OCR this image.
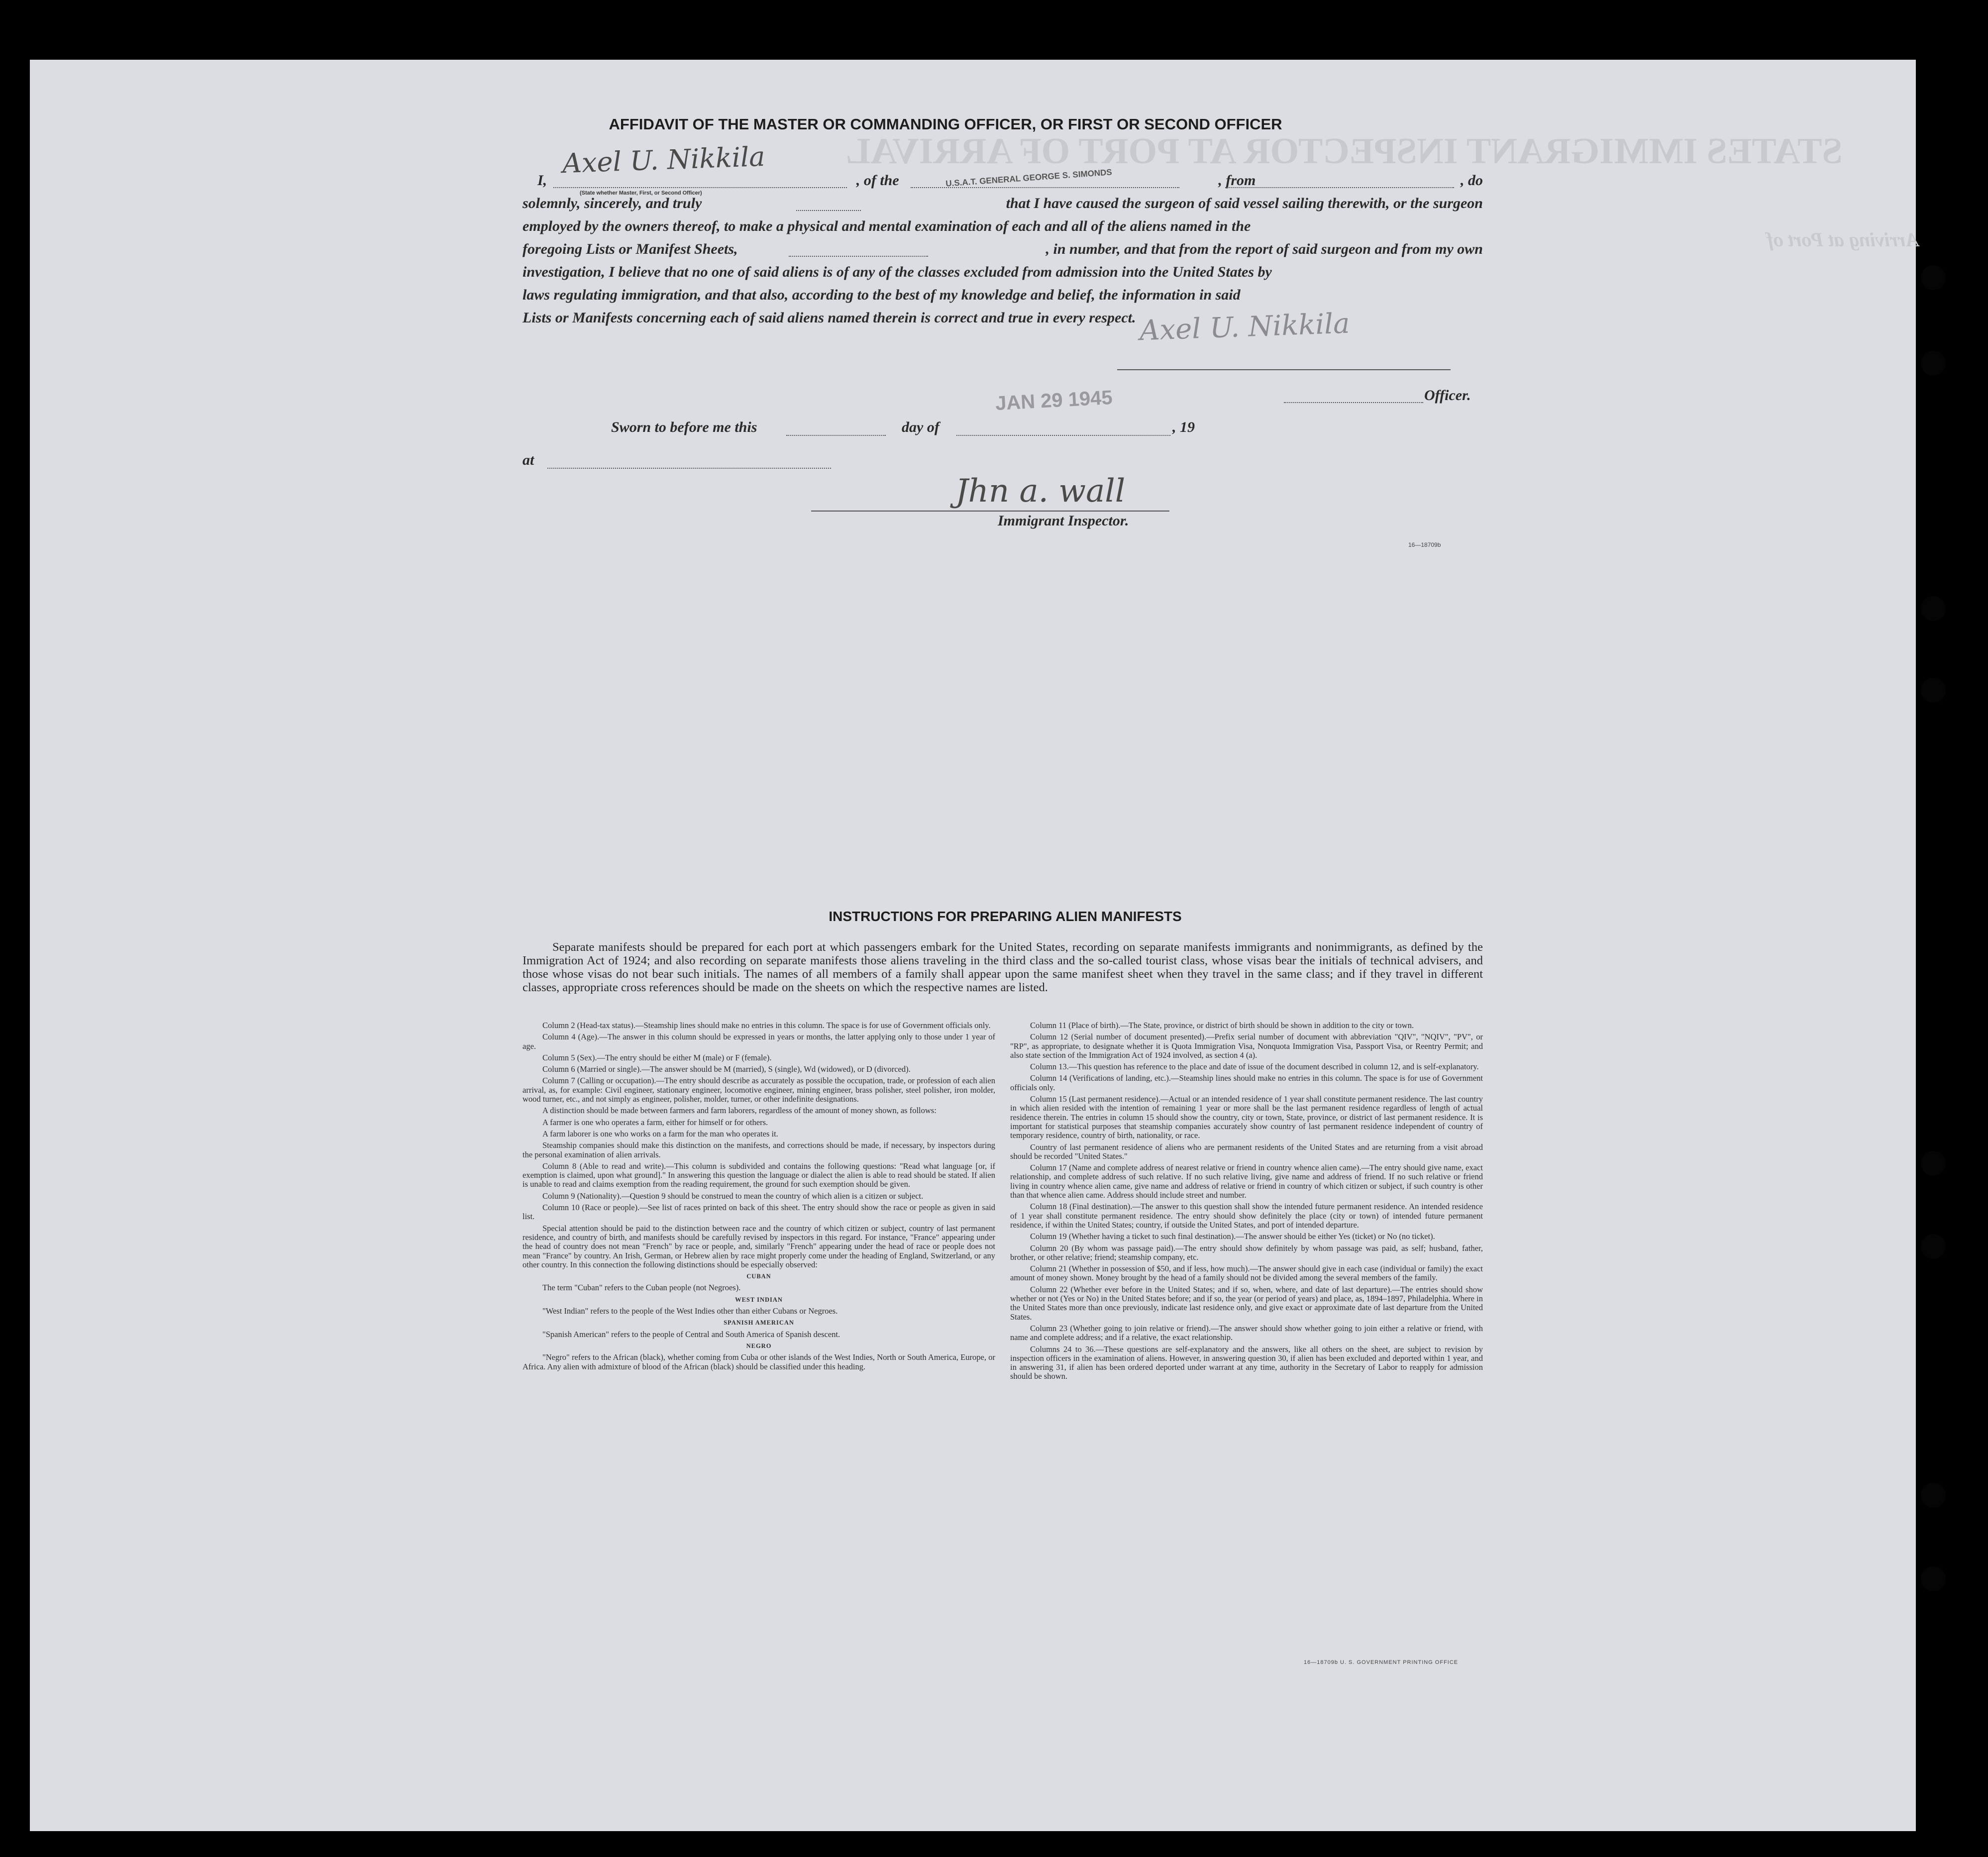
STATES IMMIGRANT INSPECTOR AT PORT OF ARRIVAL
Arriving at Port of
AFFIDAVIT OF THE MASTER OR COMMANDING OFFICER, OR FIRST OR SECOND OFFICER
I,	, of the	, from	, do
solemnly, sincerely, and truly	that I have caused the surgeon of said vessel sailing therewith, or the surgeon
employed by the owners thereof, to make a physical and mental examination of each and all of the aliens named in the
foregoing Lists or Manifest Sheets,	, in number, and that from the report of said surgeon and from my own
investigation, I believe that no one of said aliens is of any of the classes excluded from admission into the United States by
laws regulating immigration, and that also, according to the best of my knowledge and belief, the information in said
Lists or Manifests concerning each of said aliens named therein is correct and true in every respect.
(State whether Master, First, or Second Officer)
Axel U. Nikkila	U.S.A.T. GENERAL GEORGE S. SIMONDS
Axel U. Nikkila
Officer.
Sworn to before me this	day of	, 19
JAN 29 1945
at
Jhn a. wall
Immigrant Inspector.
16—18709b
INSTRUCTIONS FOR PREPARING ALIEN MANIFESTS
Separate manifests should be prepared for each port at which passengers embark for the United States, recording on separate manifests immigrants and nonimmigrants, as defined by the Immigration Act of 1924; and also recording on separate manifests those aliens traveling in the third class and the so-called tourist class, whose visas bear the initials of technical advisers, and those whose visas do not bear such initials. The names of all members of a family shall appear upon the same manifest sheet when they travel in the same class; and if they travel in different classes, appropriate cross references should be made on the sheets on which the respective names are listed.

Column 2 (Head-tax status).—Steamship lines should make no entries in this column. The space is for use of Government officials only.

Column 4 (Age).—The answer in this column should be expressed in years or months, the latter applying only to those under 1 year of age.

Column 5 (Sex).—The entry should be either M (male) or F (female).

Column 6 (Married or single).—The answer should be M (married), S (single), Wd (widowed), or D (divorced).

Column 7 (Calling or occupation).—The entry should describe as accurately as possible the occupation, trade, or profession of each alien arrival, as, for example: Civil engineer, stationary engineer, locomotive engineer, mining engineer, brass polisher, steel polisher, iron molder, wood turner, etc., and not simply as engineer, polisher, molder, turner, or other indefinite designations.

A distinction should be made between farmers and farm laborers, regardless of the amount of money shown, as follows:

A farmer is one who operates a farm, either for himself or for others.

A farm laborer is one who works on a farm for the man who operates it.

Steamship companies should make this distinction on the manifests, and corrections should be made, if necessary, by inspectors during the personal examination of alien arrivals.

Column 8 (Able to read and write).—This column is subdivided and contains the following questions: "Read what language [or, if exemption is claimed, upon what ground]." In answering this question the language or dialect the alien is able to read should be stated. If alien is unable to read and claims exemption from the reading requirement, the ground for such exemption should be given.

Column 9 (Nationality).—Question 9 should be construed to mean the country of which alien is a citizen or subject.

Column 10 (Race or people).—See list of races printed on back of this sheet. The entry should show the race or people as given in said list.

Special attention should be paid to the distinction between race and the country of which citizen or subject, country of last permanent residence, and country of birth, and manifests should be carefully revised by inspectors in this regard. For instance, "France" appearing under the head of country does not mean "French" by race or people, and, similarly "French" appearing under the head of race or people does not mean "France" by country. An Irish, German, or Hebrew alien by race might properly come under the heading of England, Switzerland, or any other country. In this connection the following distinctions should be especially observed:

CUBAN

The term "Cuban" refers to the Cuban people (not Negroes).

WEST INDIAN

"West Indian" refers to the people of the West Indies other than either Cubans or Negroes.

SPANISH AMERICAN

"Spanish American" refers to the people of Central and South America of Spanish descent.

NEGRO

"Negro" refers to the African (black), whether coming from Cuba or other islands of the West Indies, North or South America, Europe, or Africa. Any alien with admixture of blood of the African (black) should be classified under this heading.

Column 11 (Place of birth).—The State, province, or district of birth should be shown in addition to the city or town.

Column 12 (Serial number of document presented).—Prefix serial number of document with abbreviation "QIV", "NQIV", "PV", or "RP", as appropriate, to designate whether it is Quota Immigration Visa, Nonquota Immigration Visa, Passport Visa, or Reentry Permit; and also state section of the Immigration Act of 1924 involved, as section 4 (a).

Column 13.—This question has reference to the place and date of issue of the document described in column 12, and is self-explanatory.

Column 14 (Verifications of landing, etc.).—Steamship lines should make no entries in this column. The space is for use of Government officials only.

Column 15 (Last permanent residence).—Actual or an intended residence of 1 year shall constitute permanent residence. The last country in which alien resided with the intention of remaining 1 year or more shall be the last permanent residence regardless of length of actual residence therein. The entries in column 15 should show the country, city or town, State, province, or district of last permanent residence. It is important for statistical purposes that steamship companies accurately show country of last permanent residence independent of country of temporary residence, country of birth, nationality, or race.

Country of last permanent residence of aliens who are permanent residents of the United States and are returning from a visit abroad should be recorded "United States."

Column 17 (Name and complete address of nearest relative or friend in country whence alien came).—The entry should give name, exact relationship, and complete address of such relative. If no such relative living, give name and address of friend. If no such relative or friend living in country whence alien came, give name and address of relative or friend in country of which citizen or subject, if such country is other than that whence alien came. Address should include street and number.

Column 18 (Final destination).—The answer to this question shall show the intended future permanent residence. An intended residence of 1 year shall constitute permanent residence. The entry should show definitely the place (city or town) of intended future permanent residence, if within the United States; country, if outside the United States, and port of intended departure.

Column 19 (Whether having a ticket to such final destination).—The answer should be either Yes (ticket) or No (no ticket).

Column 20 (By whom was passage paid).—The entry should show definitely by whom passage was paid, as self; husband, father, brother, or other relative; friend; steamship company, etc.

Column 21 (Whether in possession of $50, and if less, how much).—The answer should give in each case (individual or family) the exact amount of money shown. Money brought by the head of a family should not be divided among the several members of the family.

Column 22 (Whether ever before in the United States; and if so, when, where, and date of last departure).—The entries should show whether or not (Yes or No) in the United States before; and if so, the year (or period of years) and place, as, 1894–1897, Philadelphia. Where in the United States more than once previously, indicate last residence only, and give exact or approximate date of last departure from the United States.

Column 23 (Whether going to join relative or friend).—The answer should show whether going to join either a relative or friend, with name and complete address; and if a relative, the exact relationship.

Columns 24 to 36.—These questions are self-explanatory and the answers, like all others on the sheet, are subject to revision by inspection officers in the examination of aliens. However, in answering question 30, if alien has been excluded and deported within 1 year, and in answering 31, if alien has been ordered deported under warrant at any time, authority in the Secretary of Labor to reapply for admission should be shown.

16—18709b U. S. GOVERNMENT PRINTING OFFICE
